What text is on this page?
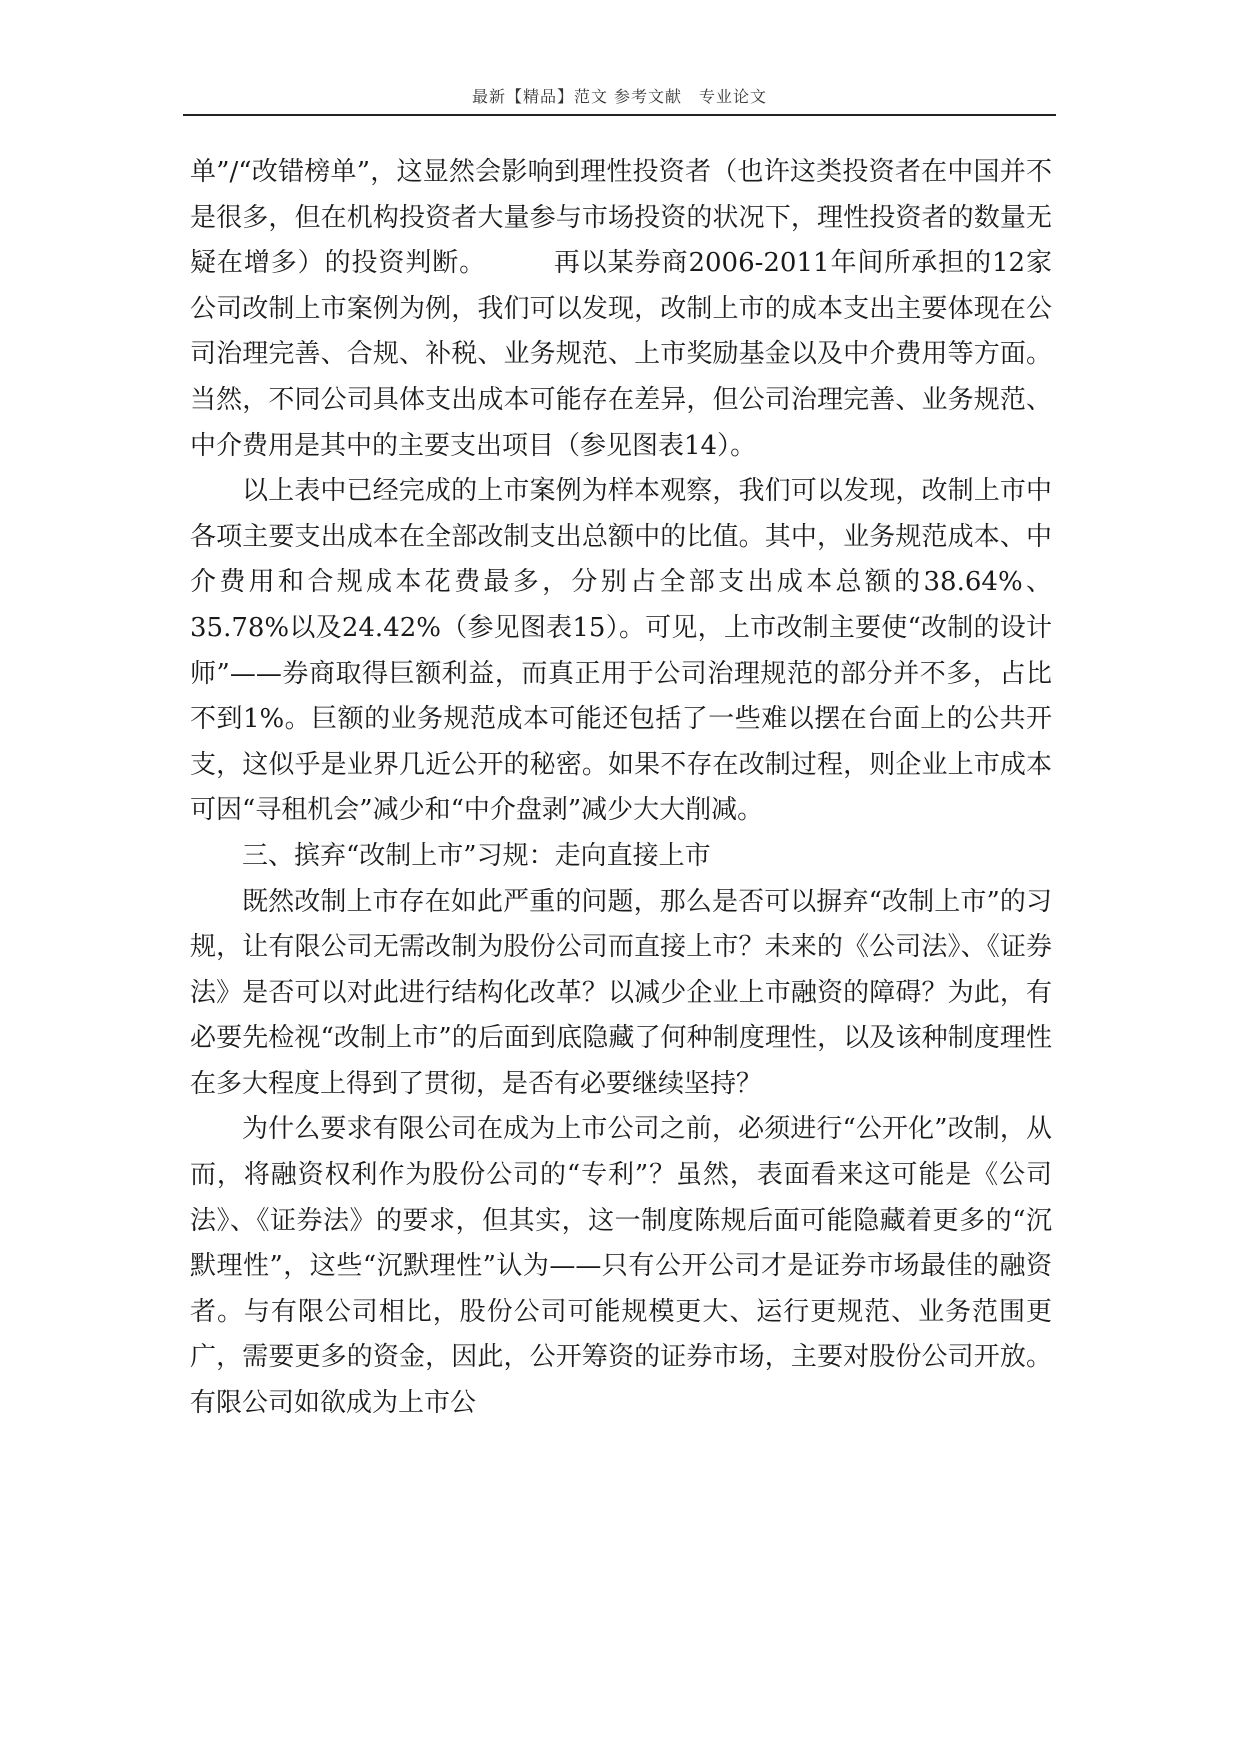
最新【精品】范文 参考文献　专业论文

单”/“改错榜单”，这显然会影响到理性投资者（也许这类投资者在中国并不是很多，但在机构投资者大量参与市场投资的状况下，理性投资者的数量无疑在增多）的投资判断。　　　再以某券商2006-2011年间所承担的12家公司改制上市案例为例，我们可以发现，改制上市的成本支出主要体现在公司治理完善、合规、补税、业务规范、上市奖励基金以及中介费用等方面。当然，不同公司具体支出成本可能存在差异，但公司治理完善、业务规范、中介费用是其中的主要支出项目（参见图表14）。

以上表中已经完成的上市案例为样本观察，我们可以发现，改制上市中各项主要支出成本在全部改制支出总额中的比值。其中，业务规范成本、中介费用和合规成本花费最多，分别占全部支出成本总额的38.64%、35.78%以及24.42%（参见图表15）。可见，上市改制主要使“改制的设计师”——券商取得巨额利益，而真正用于公司治理规范的部分并不多，占比不到1%。巨额的业务规范成本可能还包括了一些难以摆在台面上的公共开支，这似乎是业界几近公开的秘密。如果不存在改制过程，则企业上市成本可因“寻租机会”减少和“中介盘剥”减少大大削减。

三、摈弃“改制上市”习规：走向直接上市

既然改制上市存在如此严重的问题，那么是否可以摒弃“改制上市”的习规，让有限公司无需改制为股份公司而直接上市？未来的《公司法》、《证券法》是否可以对此进行结构化改革？以减少企业上市融资的障碍？为此，有必要先检视“改制上市”的后面到底隐藏了何种制度理性，以及该种制度理性在多大程度上得到了贯彻，是否有必要继续坚持？

为什么要求有限公司在成为上市公司之前，必须进行“公开化”改制，从而，将融资权利作为股份公司的“专利”？虽然，表面看来这可能是《公司法》、《证券法》的要求，但其实，这一制度陈规后面可能隐藏着更多的“沉默理性”，这些“沉默理性”认为——只有公开公司才是证券市场最佳的融资者。与有限公司相比，股份公司可能规模更大、运行更规范、业务范围更广，需要更多的资金，因此，公开筹资的证券市场，主要对股份公司开放。有限公司如欲成为上市公
